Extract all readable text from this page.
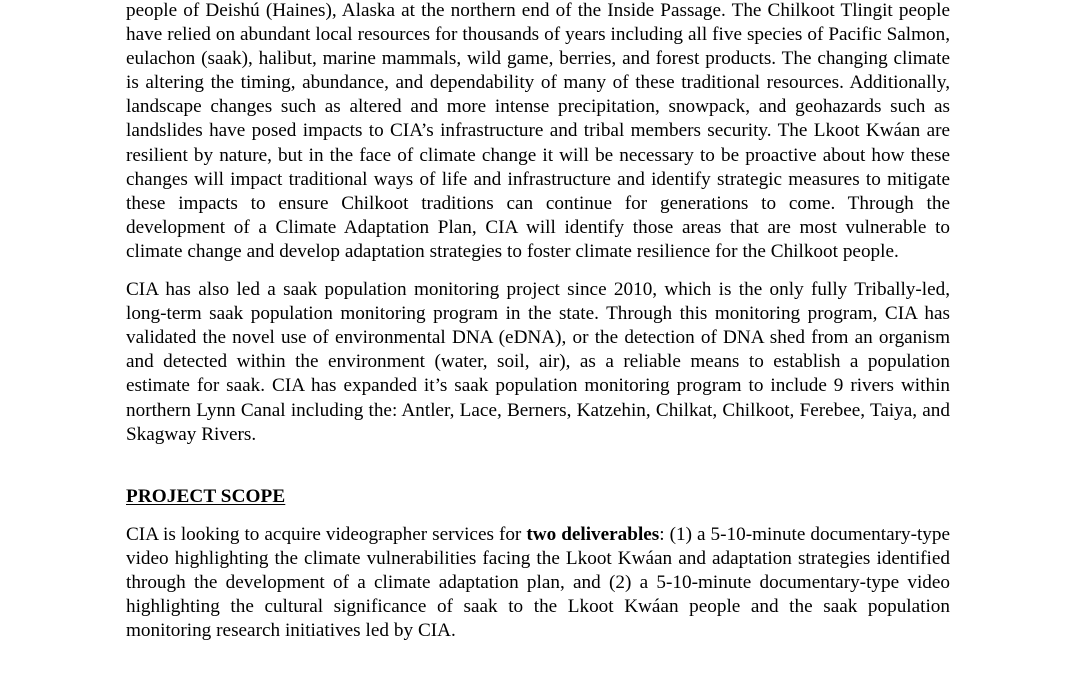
people of Deishú (Haines), Alaska at the northern end of the Inside Passage. The Chilkoot Tlingit people have relied on abundant local resources for thousands of years including all five species of Pacific Salmon, eulachon (saak), halibut, marine mammals, wild game, berries, and forest products. The changing climate is altering the timing, abundance, and dependability of many of these traditional resources. Additionally, landscape changes such as altered and more intense precipitation, snowpack, and geohazards such as landslides have posed impacts to CIA’s infrastructure and tribal members security. The Lkoot Kwáan are resilient by nature, but in the face of climate change it will be necessary to be proactive about how these changes will impact traditional ways of life and infrastructure and identify strategic measures to mitigate these impacts to ensure Chilkoot traditions can continue for generations to come. Through the development of a Climate Adaptation Plan, CIA will identify those areas that are most vulnerable to climate change and develop adaptation strategies to foster climate resilience for the Chilkoot people.

CIA has also led a saak population monitoring project since 2010, which is the only fully Tribally-led, long-term saak population monitoring program in the state. Through this monitoring program, CIA has validated the novel use of environmental DNA (eDNA), or the detection of DNA shed from an organism and detected within the environment (water, soil, air), as a reliable means to establish a population estimate for saak. CIA has expanded it’s saak population monitoring program to include 9 rivers within northern Lynn Canal including the: Antler, Lace, Berners, Katzehin, Chilkat, Chilkoot, Ferebee, Taiya, and Skagway Rivers.

PROJECT SCOPE

CIA is looking to acquire videographer services for two deliverables: (1) a 5-10-minute documentary-type video highlighting the climate vulnerabilities facing the Lkoot Kwáan and adaptation strategies identified through the development of a climate adaptation plan, and (2) a 5-10-minute documentary-type video highlighting the cultural significance of saak to the Lkoot Kwáan people and the saak population monitoring research initiatives led by CIA.
